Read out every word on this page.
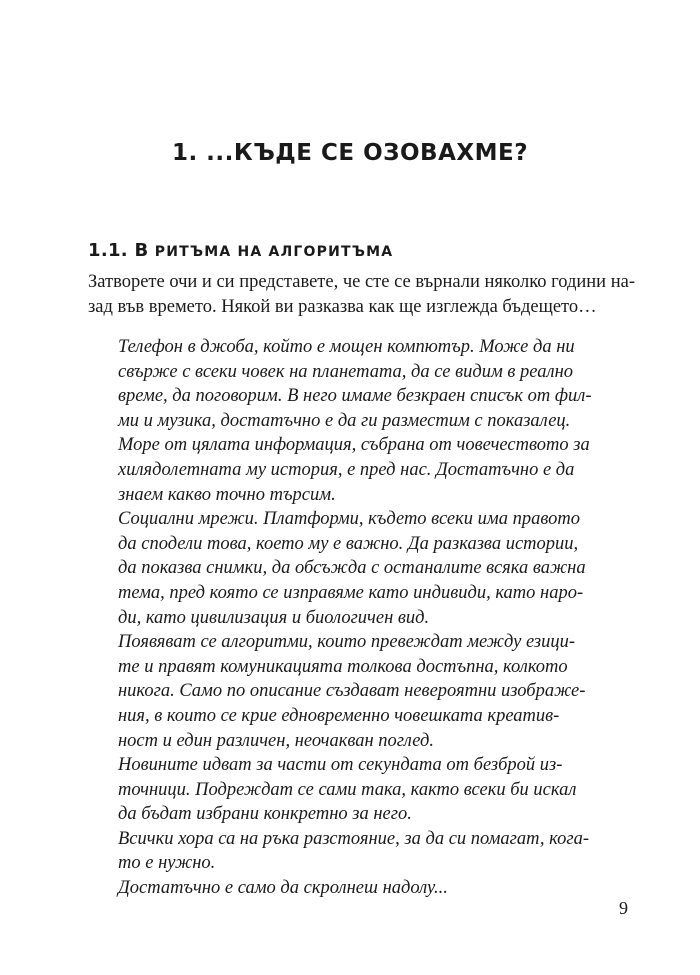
1. ...КЪДЕ СЕ ОЗОВАХМЕ?
1.1. В РИТЪМА НА АЛГОРИТЪМА

Затворете очи и си представете, че сте се върнали няколко години на-
зад във времето. Някой ви разказва как ще изглежда бъдещето…

Телефон в джоба, който е мощен компютър. Може да ни
свърже с всеки човек на планетата, да се видим в реално
време, да поговорим. В него имаме безкраен списък от фил-
ми и музика, достатъчно е да ги разместим с показалец.
Море от цялата информация, събрана от човечеството за
хилядолетната му история, е пред нас. Достатъчно е да
знаем какво точно търсим.
Социални мрежи. Платформи, където всеки има правото
да сподели това, което му е важно. Да разказва истории,
да показва снимки, да обсъжда с останалите всяка важна
тема, пред която се изправяме като индивиди, като наро-
ди, като цивилизация и биологичен вид.
Появяват се алгоритми, които превеждат между езици-
те и правят комуникацията толкова достъпна, колкото
никога. Само по описание създават невероятни изображе-
ния, в които се крие едновременно човешката креатив-
ност и един различен, неочакван поглед.
Новините идват за части от секундата от безброй из-
точници. Подреждат се сами така, както всеки би искал
да бъдат избрани конкретно за него.
Всички хора са на ръка разстояние, за да си помагат, кога-
то е нужно.
Достатъчно е само да скролнеш надолу...

9
